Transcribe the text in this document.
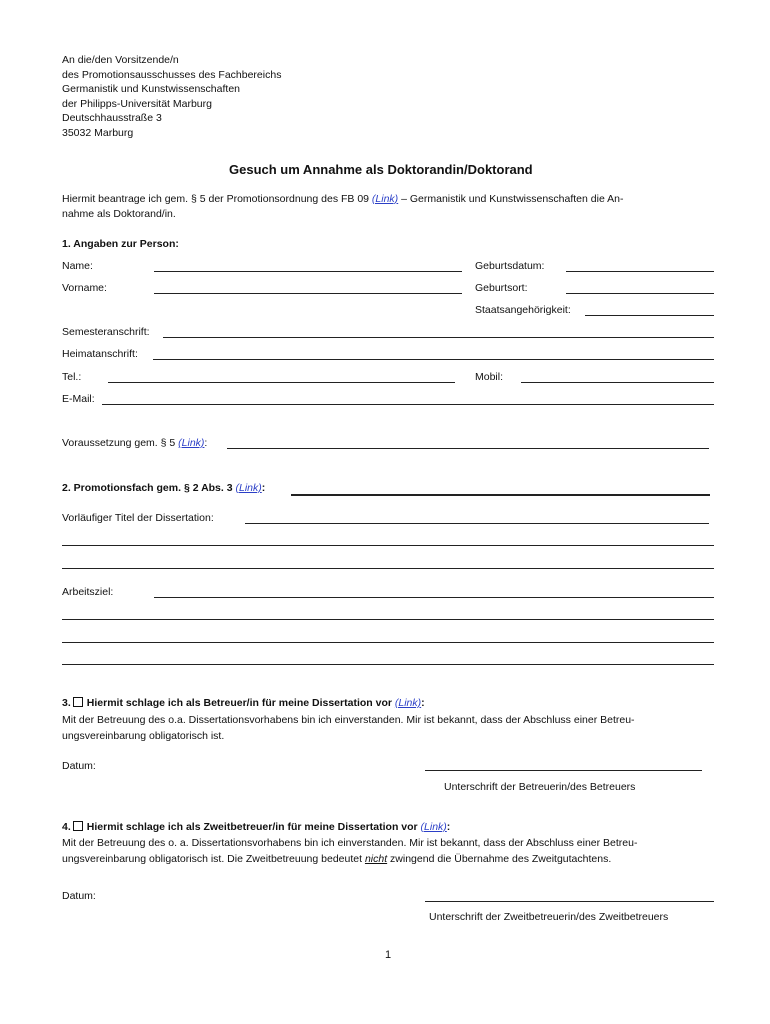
An die/den Vorsitzende/n
des Promotionsausschusses des Fachbereichs
Germanistik und Kunstwissenschaften
der Philipps-Universität Marburg
Deutschhausstraße 3
35032 Marburg
Gesuch um Annahme als Doktorandin/Doktorand
Hiermit beantrage ich gem. § 5 der Promotionsordnung des FB 09 (Link) – Germanistik und Kunstwissenschaften die An-
nahme als Doktorand/in.
1. Angaben zur Person:
Name:	Geburtsdatum:
Vorname:	Geburtsort:
Staatsangehörigkeit:
Semesteranschrift:
Heimatanschrift:
Tel.:	Mobil:
E-Mail:
Voraussetzung gem. § 5 (Link):
2. Promotionsfach gem. § 2 Abs. 3 (Link):
Vorläufiger Titel der Dissertation:
Arbeitsziel:
3. Hiermit schlage ich als Betreuer/in für meine Dissertation vor (Link):
Mit der Betreuung des o.a. Dissertationsvorhabens bin ich einverstanden. Mir ist bekannt, dass der Abschluss einer Betreu-
ungsvereinbarung obligatorisch ist.
Datum:
Unterschrift der Betreuerin/des Betreuers
4. Hiermit schlage ich als Zweitbetreuer/in für meine Dissertation vor (Link):
Mit der Betreuung des o. a. Dissertationsvorhabens bin ich einverstanden. Mir ist bekannt, dass der Abschluss einer Betreu-
ungsvereinbarung obligatorisch ist. Die Zweitbetreuung bedeutet nicht zwingend die Übernahme des Zweitgutachtens.
Datum:
Unterschrift der Zweitbetreuerin/des Zweitbetreuers
1
